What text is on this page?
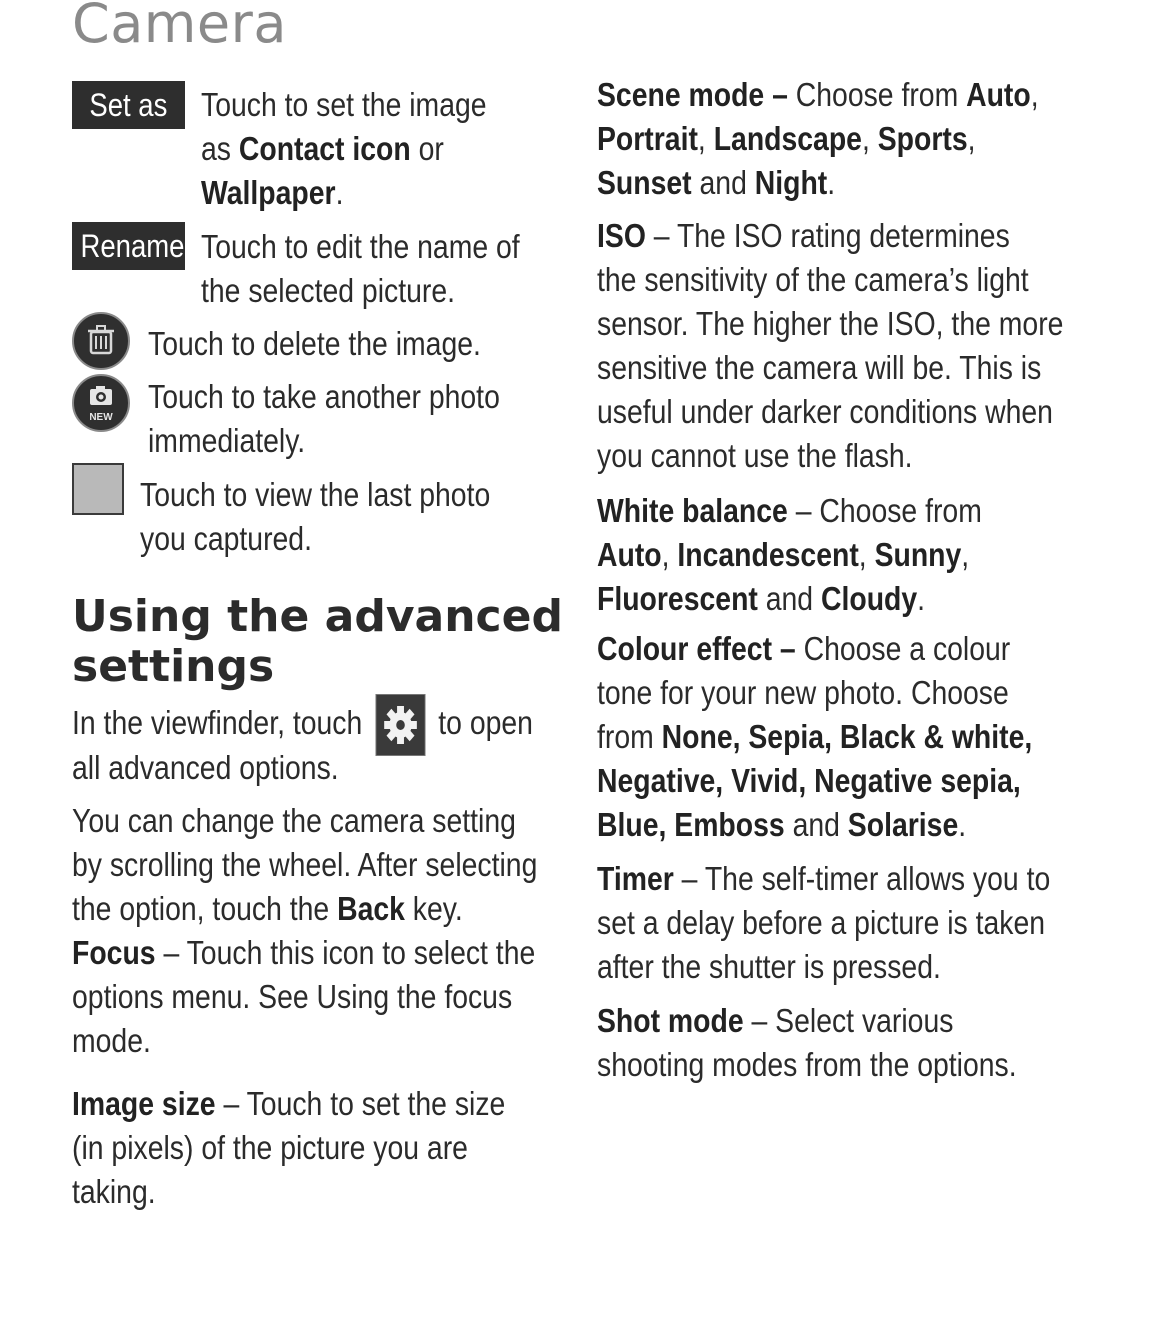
Camera
Set as	Touch to set the image
as Contact icon or
Wallpaper.
Rename Touch to edit the name of
the selected picture.
Touch to delete the image.
NEW
Touch to take another photo
immediately.
Touch to view the last photo
you captured.
Using the advanced
settings
In the viewfinder, touch to open
all advanced options.
You can change the camera setting
by scrolling the wheel. After selecting
the option, touch the Back key.
Focus – Touch this icon to select the
options menu. See Using the focus
mode.
Image size – Touch to set the size
(in pixels) of the picture you are
taking.
Scene mode – Choose from Auto,
Portrait, Landscape, Sports,
Sunset and Night.
ISO – The ISO rating determines
the sensitivity of the camera’s light
sensor. The higher the ISO, the more
sensitive the camera will be. This is
useful under darker conditions when
you cannot use the flash.
White balance – Choose from
Auto, Incandescent, Sunny,
Fluorescent and Cloudy.
Colour effect – Choose a colour
tone for your new photo. Choose
from None, Sepia, Black & white,
Negative, Vivid, Negative sepia,
Blue, Emboss and Solarise.
Timer – The self-timer allows you to
set a delay before a picture is taken
after the shutter is pressed.
Shot mode – Select various
shooting modes from the options.
